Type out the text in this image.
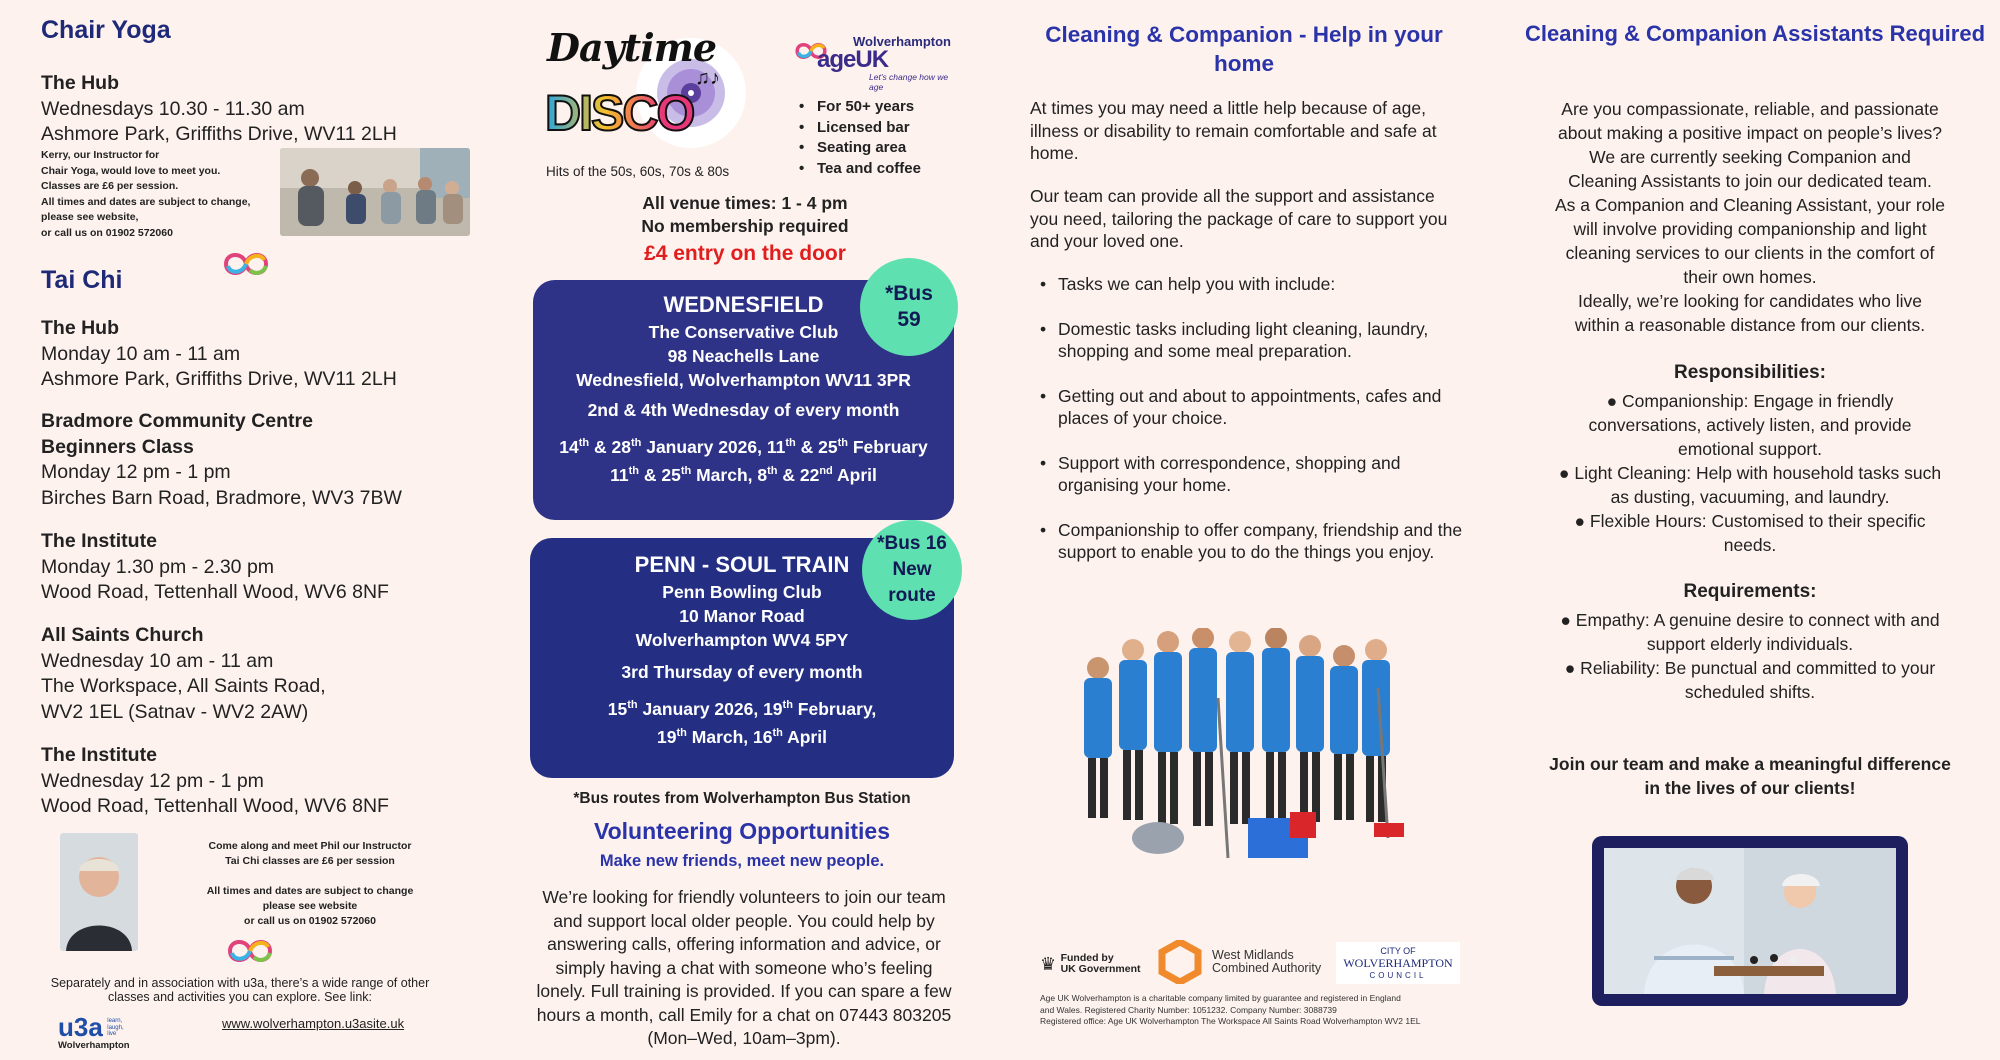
Chair Yoga
The Hub
Wednesdays 10.30 - 11.30 am
Ashmore Park, Griffiths Drive, WV11 2LH
Kerry, our Instructor for
Chair Yoga, would love to meet you.
Classes are £6 per session.
All times and dates are subject to change,
please see website,
or call us on 01902 572060
Tai Chi
The Hub
Monday 10 am - 11 am
Ashmore Park, Griffiths Drive, WV11 2LH
Bradmore Community Centre
Beginners Class
Monday 12 pm - 1 pm
Birches Barn Road, Bradmore, WV3 7BW
The Institute
Monday 1.30 pm - 2.30 pm
Wood Road, Tettenhall Wood, WV6 8NF
All Saints Church
Wednesday 10 am - 11 am
The Workspace, All Saints Road,
WV2 1EL (Satnav - WV2 2AW)
The Institute
Wednesday 12 pm - 1 pm
Wood Road, Tettenhall Wood, WV6 8NF
Come along and meet Phil our Instructor
Tai Chi classes are £6 per session
All times and dates are subject to change
please see website
or call us on 01902 572060
Separately and in association with u3a, there’s a wide range of other classes and activities you can explore. See link:
u3a learn,
laugh,
live
Wolverhampton
www.wolverhampton.u3asite.uk
Daytime
♫♪
DISCO
Hits of the 50s, 60s, 70s & 80s
Wolverhampton
ageUK
Let's change how we age
• For 50+ years
• Licensed bar
• Seating area
• Tea and coffee
All venue times: 1 - 4 pm
No membership required
£4 entry on the door
WEDNESFIELD
The Conservative Club
98 Neachells Lane
Wednesfield, Wolverhampton WV11 3PR
2nd & 4th Wednesday of every month
14th & 28th January 2026, 11th & 25th February
11th & 25th March, 8th & 22nd April
*Bus
59
PENN - SOUL TRAIN
Penn Bowling Club
10 Manor Road
Wolverhampton WV4 5PY
3rd Thursday of every month
15th January 2026, 19th February,
19th March, 16th April
*Bus 16
New
route
*Bus routes from Wolverhampton Bus Station
Volunteering Opportunities
Make new friends, meet new people.
We’re looking for friendly volunteers to join our team and support local older people. You could help by answering calls, offering information and advice, or simply having a chat with someone who’s feeling lonely. Full training is provided. If you can spare a few hours a month, call Emily for a chat on 07443 803205 (Mon–Wed, 10am–3pm).
Cleaning & Companion - Help in your home
At times you may need a little help because of age, illness or disability to remain comfortable and safe at home.
Our team can provide all the support and assistance you need, tailoring the package of care to support you and your loved one.
• Tasks we can help you with include:
• Domestic tasks including light cleaning, laundry, shopping and some meal preparation.
• Getting out and about to appointments, cafes and places of your choice.
• Support with correspondence, shopping and organising your home.
• Companionship to offer company, friendship and the support to enable you to do the things you enjoy.
♛ Funded by
UK Government
West Midlands
Combined Authority
CITY OF
WOLVERHAMPTON
COUNCIL
Age UK Wolverhampton is a charitable company limited by guarantee and registered in England
and Wales. Registered Charity Number: 1051232. Company Number: 3088739
Registered office: Age UK Wolverhampton The Workspace All Saints Road Wolverhampton WV2 1EL
Cleaning & Companion Assistants Required
Are you compassionate, reliable, and passionate
about making a positive impact on people’s lives?
We are currently seeking Companion and
Cleaning Assistants to join our dedicated team.
As a Companion and Cleaning Assistant, your role
will involve providing companionship and light
cleaning services to our clients in the comfort of
their own homes.
Ideally, we’re looking for candidates who live
within a reasonable distance from our clients.
Responsibilities:
● Companionship: Engage in friendly
conversations, actively listen, and provide
emotional support.
● Light Cleaning: Help with household tasks such
as dusting, vacuuming, and laundry.
● Flexible Hours: Customised to their specific
needs.
Requirements:
● Empathy: A genuine desire to connect with and
support elderly individuals.
● Reliability: Be punctual and committed to your
scheduled shifts.
Join our team and make a meaningful difference
in the lives of our clients!
